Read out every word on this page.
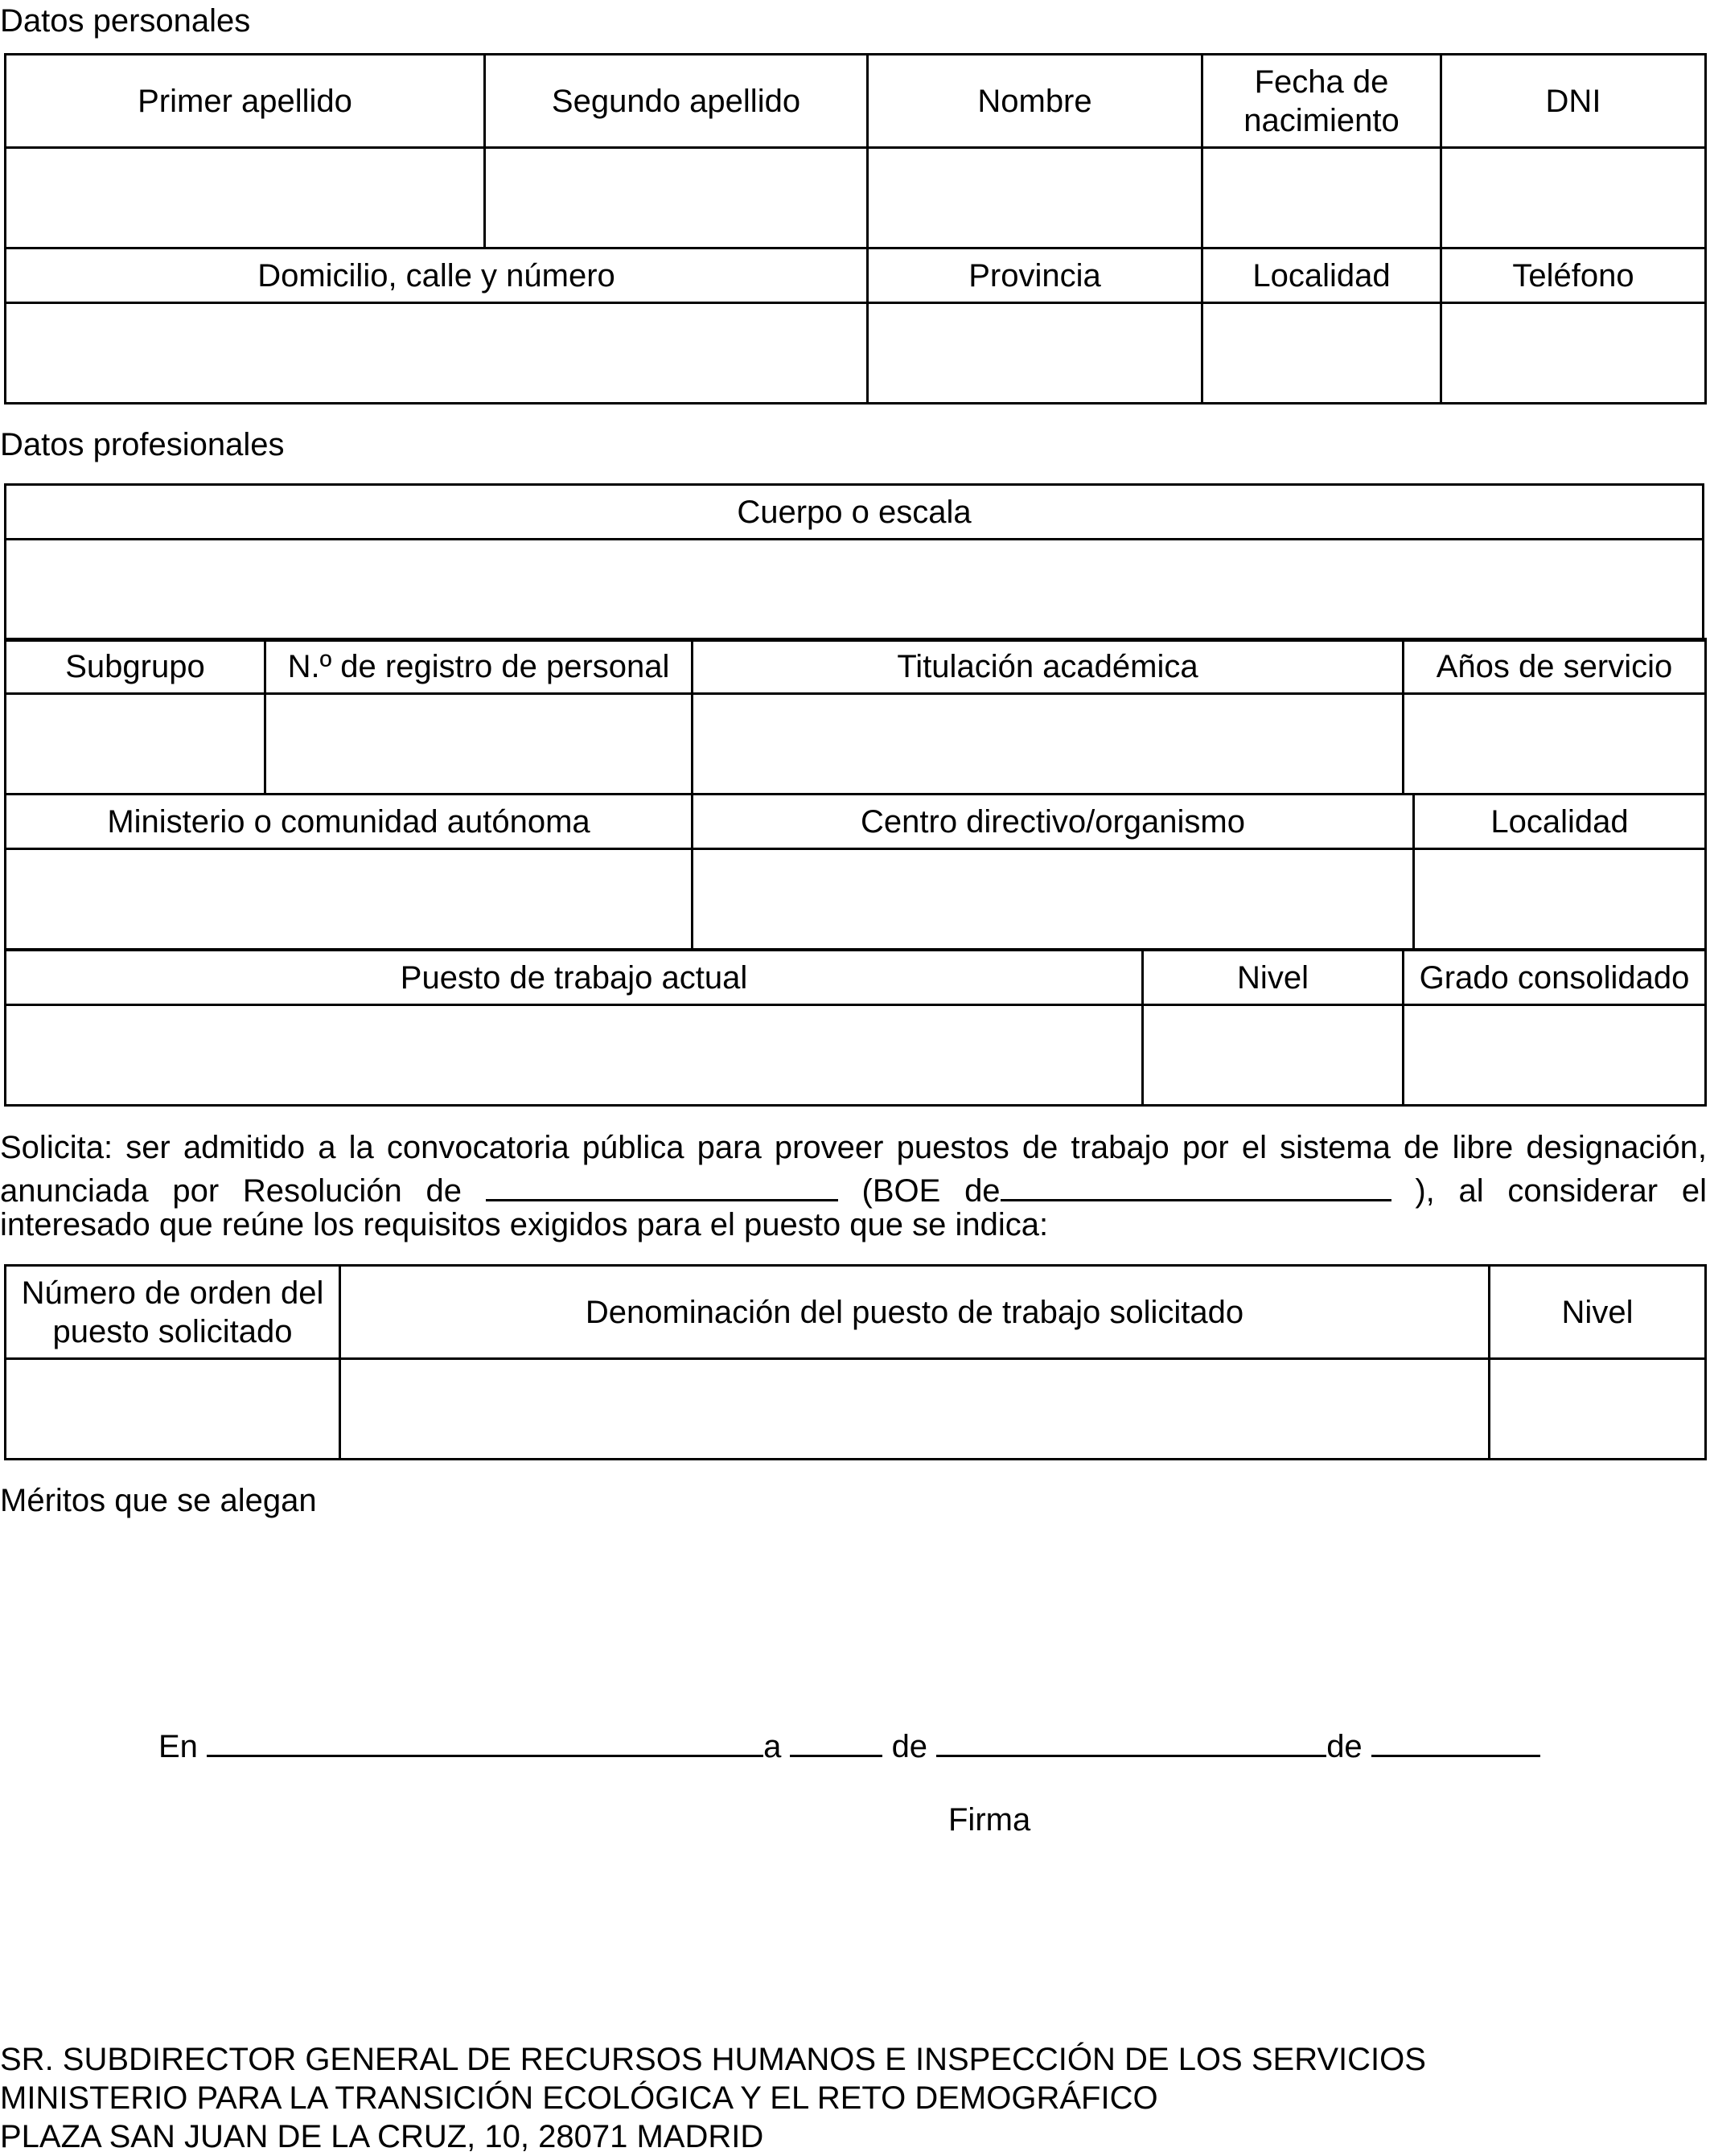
Datos personales
Primer apellido	Segundo apellido	Nombre	Fecha de nacimiento	DNI

Domicilio, calle y número		Provincia	Localidad	Teléfono

Datos profesionales
Cuerpo o escala

Subgrupo	N.º de registro de personal	Titulación académica	Años de servicio

Ministerio o comunidad autónoma	Centro directivo/organismo	Localidad

Puesto de trabajo actual	Nivel	Grado consolidado

Solicita: ser admitido a la convocatoria pública para proveer puestos de trabajo por el sistema de libre designación,
anunciada por Resolución de	(BOE de	), al considerar el
interesado que reúne los requisitos exigidos para el puesto que se indica:
Número de orden del puesto solicitado	Denominación del puesto de trabajo solicitado	Nivel

Méritos que se alegan
En	a	de	de
Firma
SR. SUBDIRECTOR GENERAL DE RECURSOS HUMANOS E INSPECCIÓN DE LOS SERVICIOS
MINISTERIO PARA LA TRANSICIÓN ECOLÓGICA Y EL RETO DEMOGRÁFICO
PLAZA SAN JUAN DE LA CRUZ, 10, 28071 MADRID
